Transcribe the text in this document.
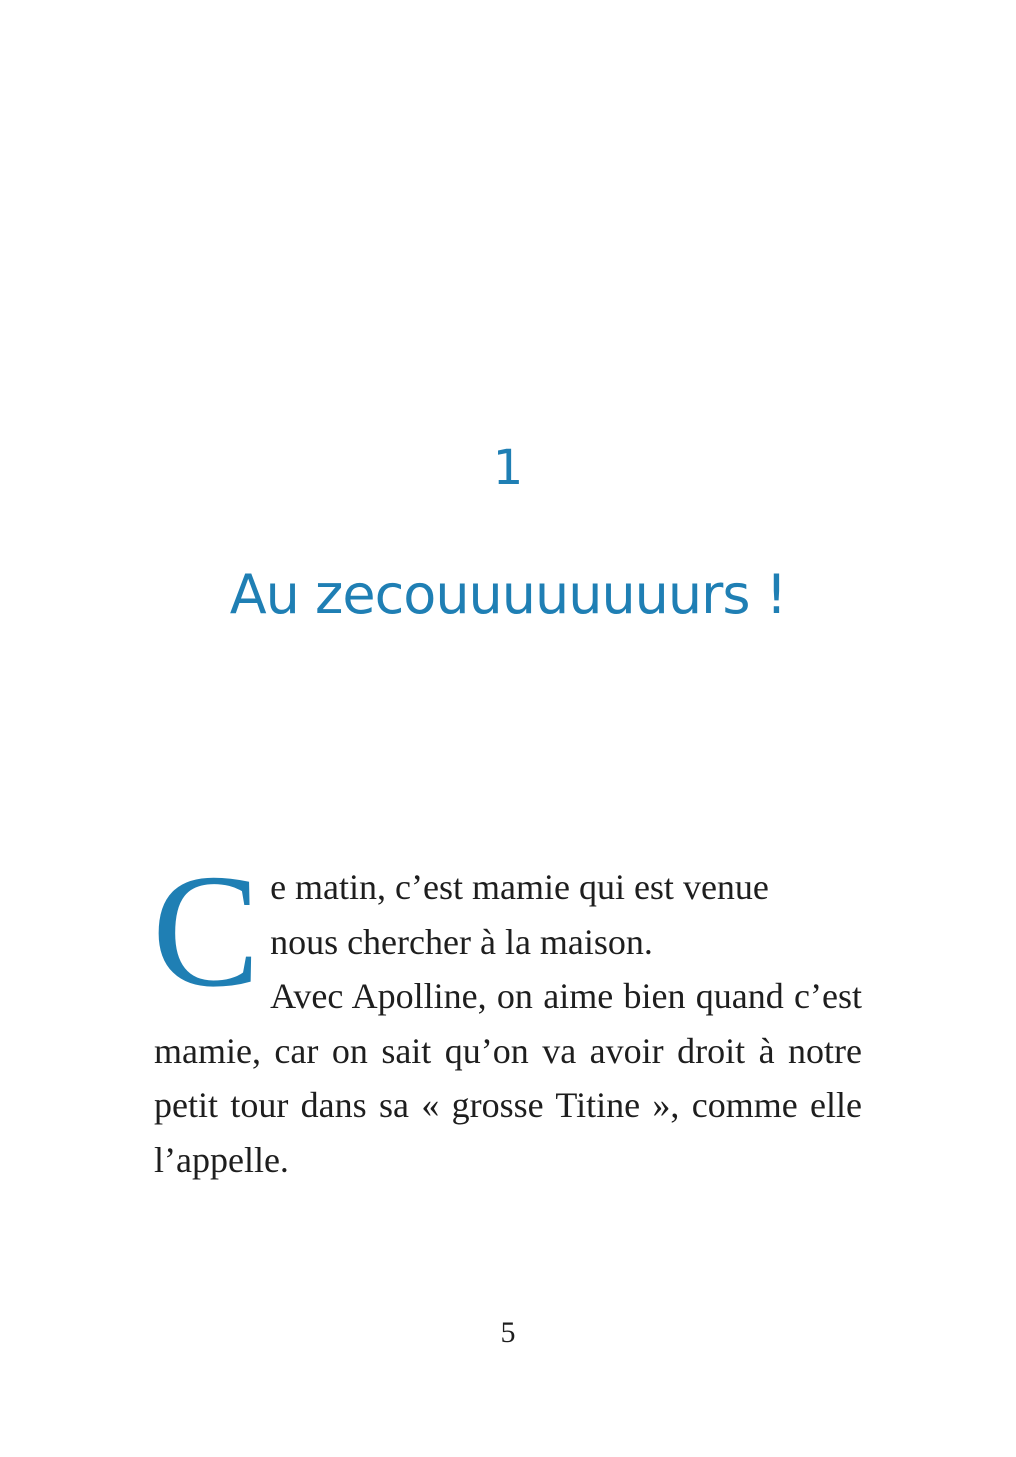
1
Au zecouuuuuuuurs !
C e matin, c’est mamie qui est venue
nous chercher à la maison.
Avec Apolline, on aime bien quand c’est mamie, car on sait qu’on va avoir droit à notre petit tour dans sa « grosse Titine », comme elle l’appelle.
5
